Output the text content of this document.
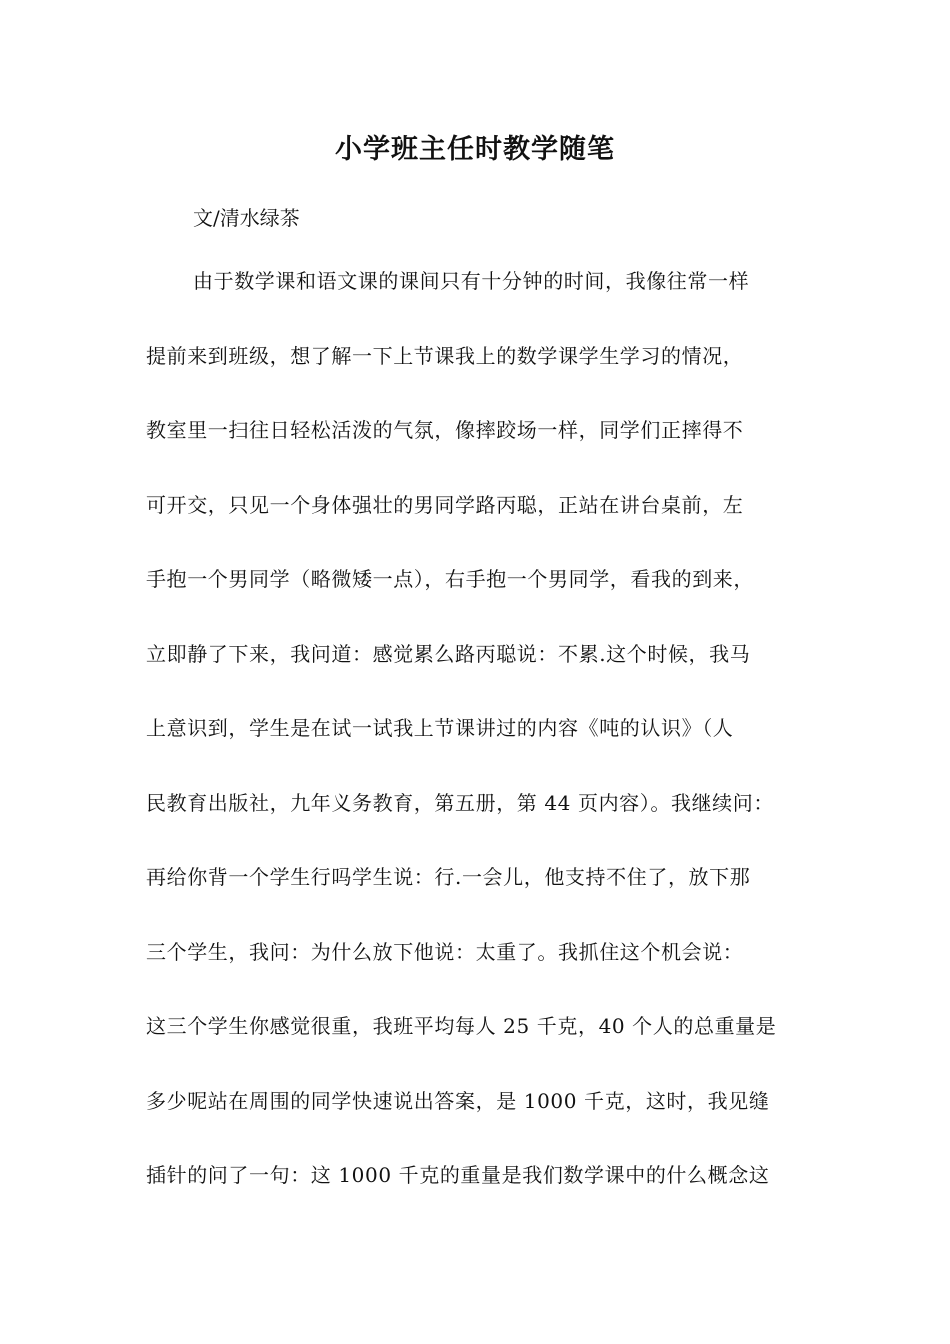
小学班主任时教学随笔
文/清水绿茶
由于数学课和语文课的课间只有十分钟的时间，我像往常一样
提前来到班级，想了解一下上节课我上的数学课学生学习的情况，
教室里一扫往日轻松活泼的气氛，像摔跤场一样，同学们正摔得不
可开交，只见一个身体强壮的男同学路丙聪，正站在讲台桌前，左
手抱一个男同学（略微矮一点），右手抱一个男同学，看我的到来，
立即静了下来，我问道：感觉累么路丙聪说：不累.这个时候，我马
上意识到，学生是在试一试我上节课讲过的内容《吨的认识》（人
民教育出版社，九年义务教育，第五册，第 44 页内容）。我继续问：
再给你背一个学生行吗学生说：行.一会儿，他支持不住了，放下那
三个学生，我问：为什么放下他说：太重了。我抓住这个机会说：
这三个学生你感觉很重，我班平均每人 25 千克，40 个人的总重量是
多少呢站在周围的同学快速说出答案，是 1000 千克，这时，我见缝
插针的问了一句：这 1000 千克的重量是我们数学课中的什么概念这
